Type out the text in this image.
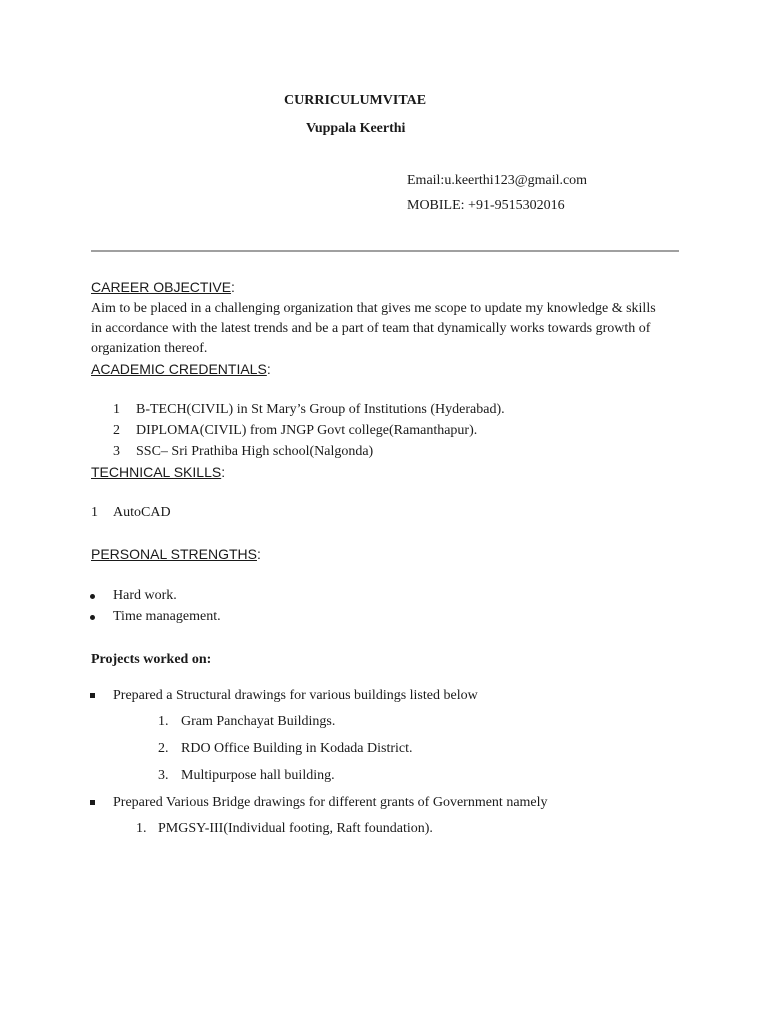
CURRICULUMVITAE
Vuppala Keerthi
Email:u.keerthi123@gmail.com
MOBILE: +91-9515302016
CAREER OBJECTIVE:
Aim to be placed in a challenging organization that gives me scope to update my knowledge & skills in accordance with the latest trends and be a part of team that dynamically works towards growth of organization thereof.
ACADEMIC CREDENTIALS:
1 B-TECH(CIVIL) in St Mary’s Group of Institutions (Hyderabad).
2 DIPLOMA(CIVIL) from JNGP Govt college(Ramanthapur).
3 SSC– Sri Prathiba High school(Nalgonda)
TECHNICAL SKILLS:
1 AutoCAD
PERSONAL STRENGTHS:
Hard work.
Time management.
Projects worked on:
Prepared a Structural drawings for various buildings listed below
1. Gram Panchayat Buildings.
2. RDO Office Building in Kodada District.
3. Multipurpose hall building.
Prepared Various Bridge drawings for different grants of Government namely
1. PMGSY-III(Individual footing, Raft foundation).
